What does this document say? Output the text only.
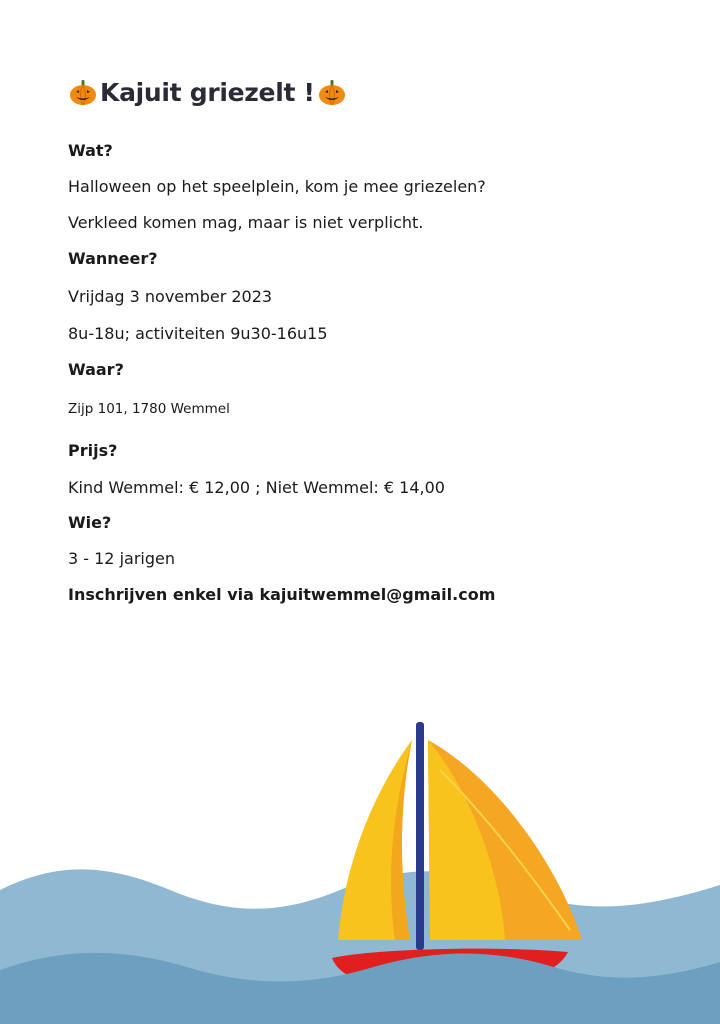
Kajuit griezelt !
Wat?
Halloween op het speelplein, kom je mee griezelen?
Verkleed komen mag, maar is niet verplicht.
Wanneer?
Vrijdag 3 november 2023
8u-18u; activiteiten 9u30-16u15
Waar?
Zijp 101, 1780 Wemmel
Prijs?
Kind Wemmel: € 12,00 ; Niet Wemmel: € 14,00
Wie?
3 - 12 jarigen
Inschrijven enkel via kajuitwemmel@gmail.com
